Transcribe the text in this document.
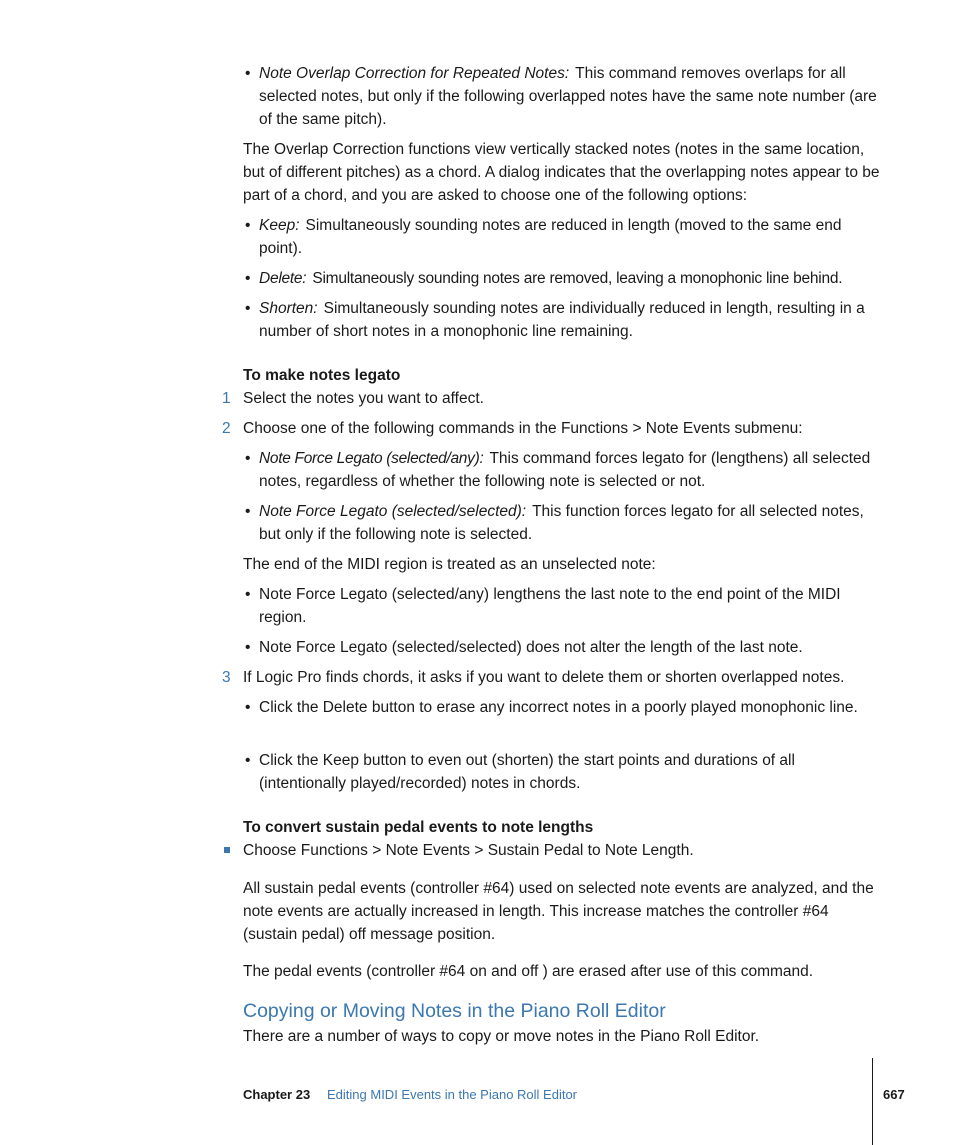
• Note Overlap Correction for Repeated Notes: This command removes overlaps for all selected notes, but only if the following overlapped notes have the same note number (are of the same pitch).
The Overlap Correction functions view vertically stacked notes (notes in the same location, but of different pitches) as a chord. A dialog indicates that the overlapping notes appear to be part of a chord, and you are asked to choose one of the following options:
• Keep: Simultaneously sounding notes are reduced in length (moved to the same end point).
• Delete: Simultaneously sounding notes are removed, leaving a monophonic line behind.
• Shorten: Simultaneously sounding notes are individually reduced in length, resulting in a number of short notes in a monophonic line remaining.
To make notes legato
1 Select the notes you want to affect.
2 Choose one of the following commands in the Functions > Note Events submenu:
• Note Force Legato (selected/any): This command forces legato for (lengthens) all selected notes, regardless of whether the following note is selected or not.
• Note Force Legato (selected/selected): This function forces legato for all selected notes, but only if the following note is selected.
The end of the MIDI region is treated as an unselected note:
• Note Force Legato (selected/any) lengthens the last note to the end point of the MIDI region.
• Note Force Legato (selected/selected) does not alter the length of the last note.
3 If Logic Pro finds chords, it asks if you want to delete them or shorten overlapped notes.
• Click the Delete button to erase any incorrect notes in a poorly played monophonic line.
• Click the Keep button to even out (shorten) the start points and durations of all (intentionally played/recorded) notes in chords.
To convert sustain pedal events to note lengths
Choose Functions > Note Events > Sustain Pedal to Note Length.
All sustain pedal events (controller #64) used on selected note events are analyzed, and the note events are actually increased in length. This increase matches the controller #64 (sustain pedal) off message position.
The pedal events (controller #64 on and off ) are erased after use of this command.
Copying or Moving Notes in the Piano Roll Editor
There are a number of ways to copy or move notes in the Piano Roll Editor.
Chapter 23 Editing MIDI Events in the Piano Roll Editor	667
